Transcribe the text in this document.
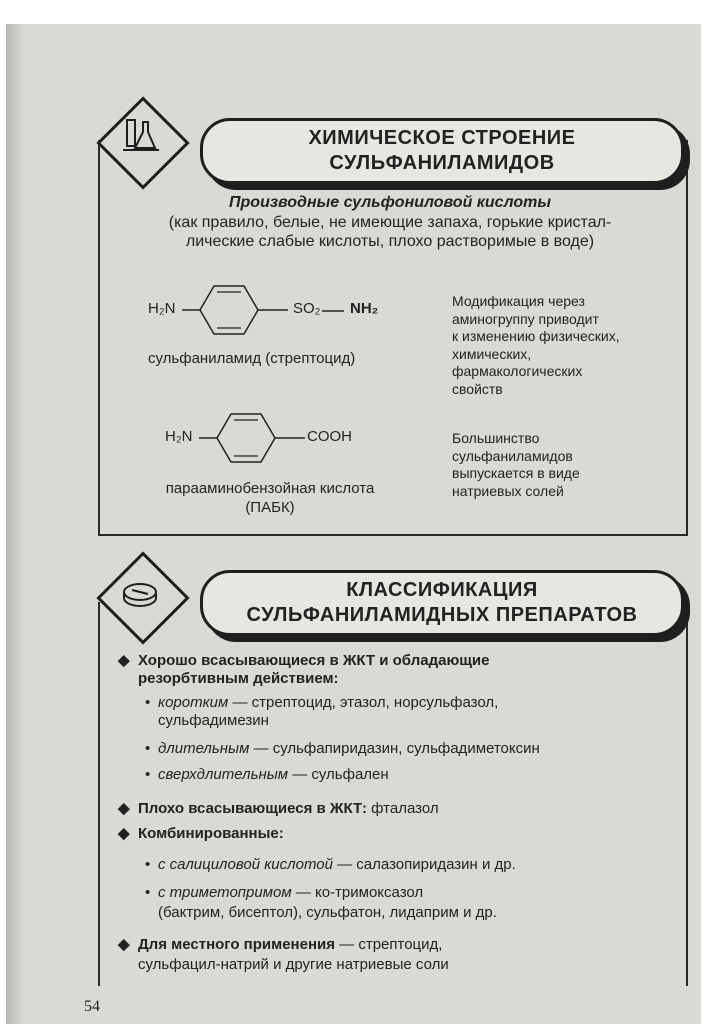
ХИМИЧЕСКОЕ СТРОЕНИЕ
СУЛЬФАНИЛАМИДОВ
Производные сульфониловой кислоты
(как правило, белые, не имеющие запаха, горькие кристал-
лические слабые кислоты, плохо растворимые в воде)
H₂N	SO₂ NH₂
сульфаниламид (стрептоцид)
H₂N	COOH
парааминобензойная кислота
(ПАБК)
Модификация через
аминогруппу приводит
к изменению физических,
химических,
фармакологических
свойств
Большинство
сульфаниламидов
выпускается в виде
натриевых солей
КЛАССИФИКАЦИЯ
СУЛЬФАНИЛАМИДНЫХ ПРЕПАРАТОВ
◆ Хорошо всасывающиеся в ЖКТ и обладающие
резорбтивным действием:
• коротким — стрептоцид, этазол, норсульфазол,
сульфадимезин
• длительным — сульфапиридазин, сульфадиметоксин
• сверхдлительным — сульфален
◆ Плохо всасывающиеся в ЖКТ: фталазол
◆ Комбинированные:
• с салициловой кислотой — салазопиридазин и др.
• с триметопримом — ко-тримоксазол
(бактрим, бисептол), сульфатон, лидаприм и др.
◆ Для местного применения — стрептоцид,
сульфацил-натрий и другие натриевые соли
54
